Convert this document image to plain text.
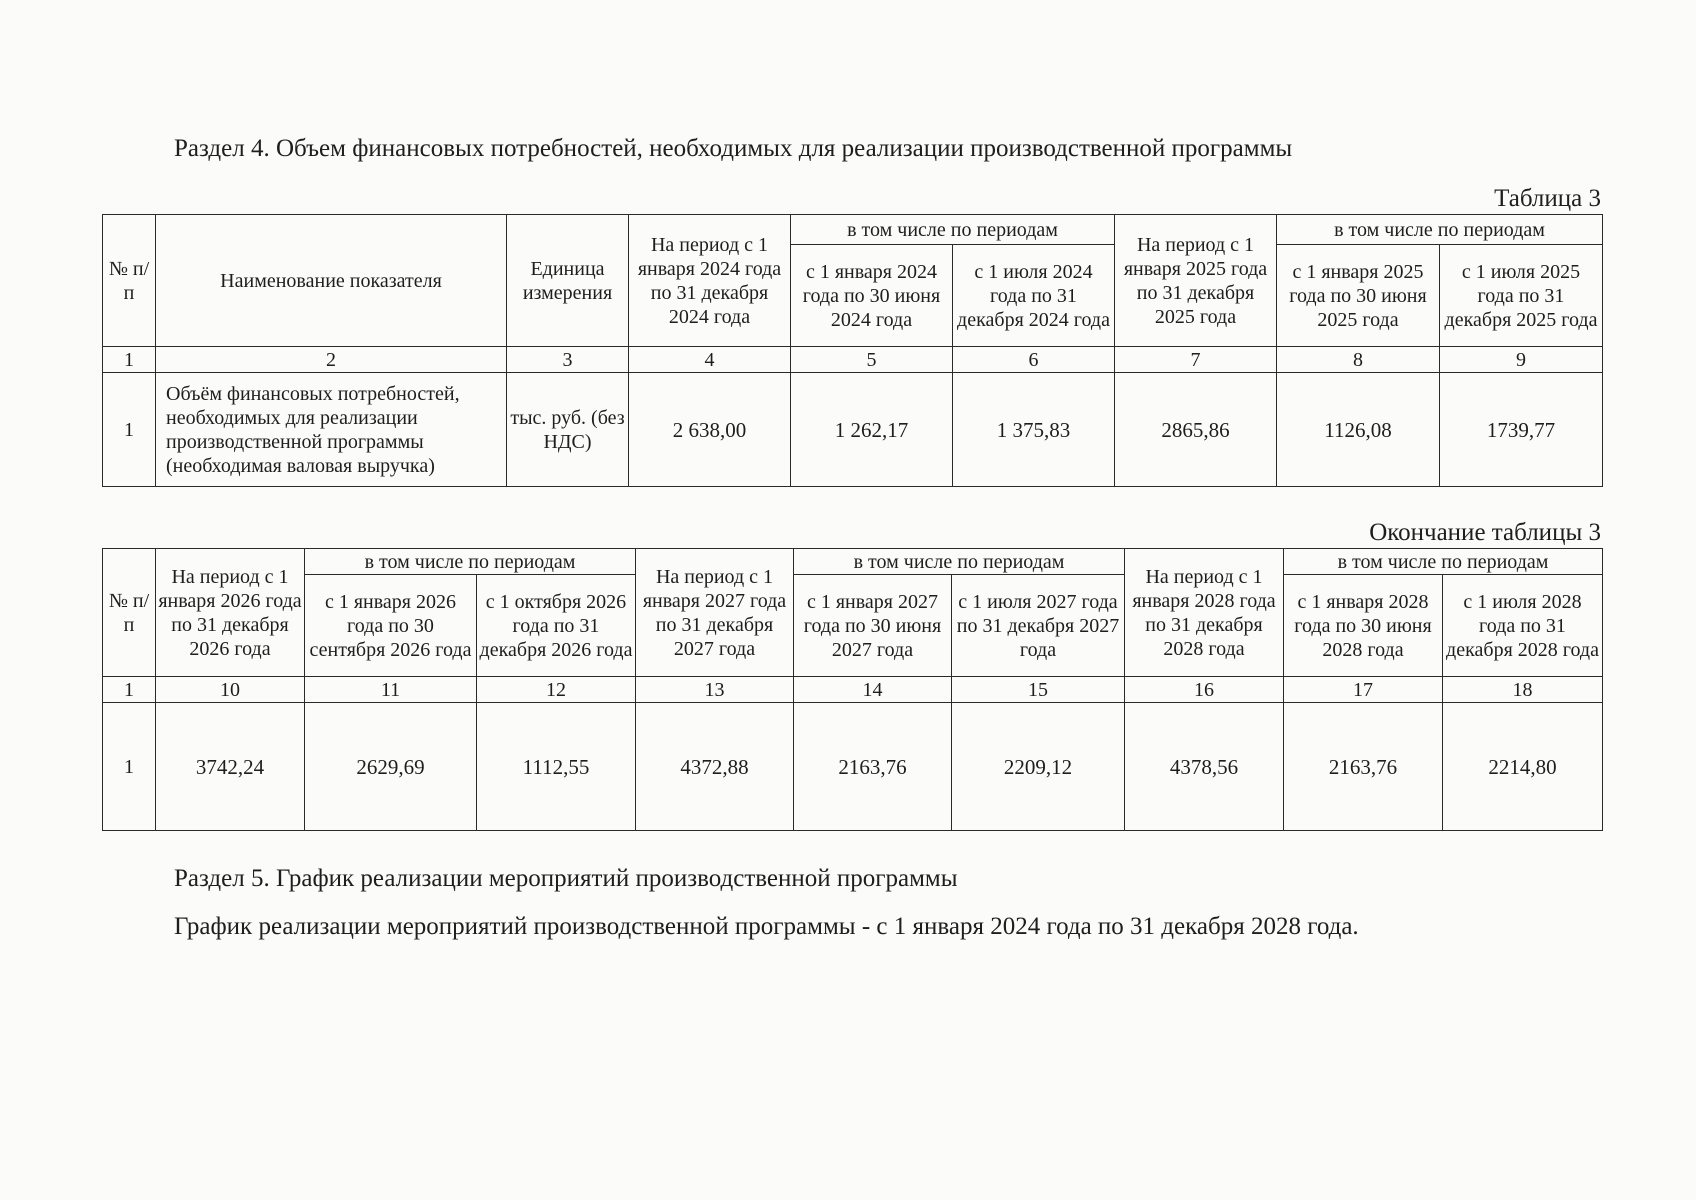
Раздел 4. Объем финансовых потребностей, необходимых для реализации производственной программы
Таблица 3
№ п/п	Наименование показателя	Единица измерения	На период с 1 января 2024 года по 31 декабря 2024 года	в том числе по периодам		На период с 1 января 2025 года по 31 декабря 2025 года	в том числе по периодам	
				с 1 января 2024 года по 30 июня 2024 года	с 1 июля 2024 года по 31 декабря 2024 года		с 1 января 2025 года по 30 июня 2025 года	с 1 июля 2025 года по 31 декабря 2025 года
1	2	3	4	5	6	7	8	9
1	Объём финансовых потребностей, необходимых для реализации производственной программы (необходимая валовая выручка)	тыс. руб. (без НДС)	2 638,00	1 262,17	1 375,83	2865,86	1126,08	1739,77
Окончание таблицы 3
№ п/п	На период с 1 января 2026 года по 31 декабря 2026 года	в том числе по периодам		На период с 1 января 2027 года по 31 декабря 2027 года	в том числе по периодам		На период с 1 января 2028 года по 31 декабря 2028 года	в том числе по периодам	
		с 1 января 2026 года по 30 сентября 2026 года	с 1 октября 2026 года по 31 декабря 2026 года		с 1 января 2027 года по 30 июня 2027 года	с 1 июля 2027 года по 31 декабря 2027 года		с 1 января 2028 года по 30 июня 2028 года	с 1 июля 2028 года по 31 декабря 2028 года
1	10	11	12	13	14	15	16	17	18
1	3742,24	2629,69	1112,55	4372,88	2163,76	2209,12	4378,56	2163,76	2214,80
Раздел 5. График реализации мероприятий производственной программы
График реализации мероприятий производственной программы - с 1 января 2024 года по 31 декабря 2028 года.
